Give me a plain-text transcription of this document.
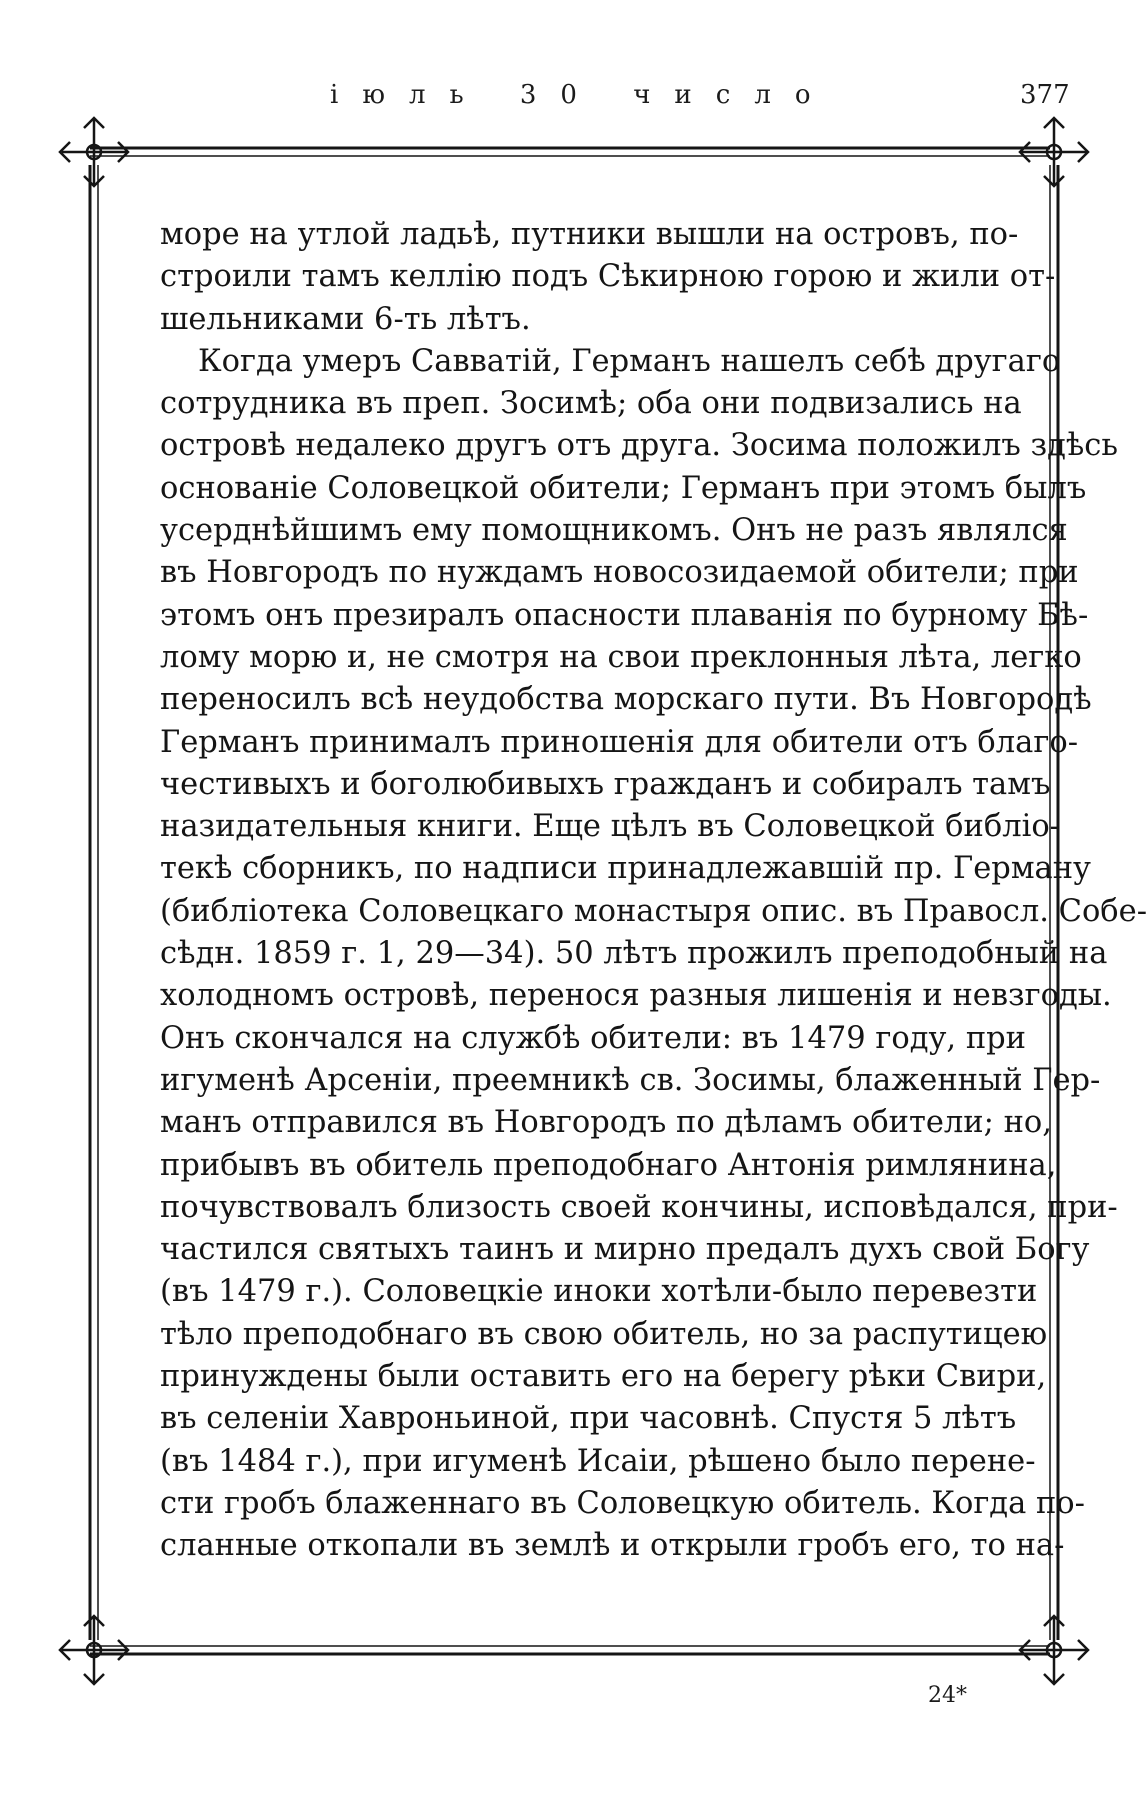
іюль 30 число	377
море на утлой ладьѣ, путники вышли на островъ, по-
строили тамъ келлію подъ Сѣкирною горою и жили от-
шельниками 6-ть лѣтъ.
Когда умеръ Савватій, Германъ нашелъ себѣ другаго
сотрудника въ преп. Зосимѣ; оба они подвизались на
островѣ недалеко другъ отъ друга. Зосима положилъ здѣсь
основаніе Соловецкой обители; Германъ при этомъ былъ
усерднѣйшимъ ему помощникомъ. Онъ не разъ являлся
въ Новгородъ по нуждамъ новосозидаемой обители; при
этомъ онъ презиралъ опасности плаванія по бурному Бѣ-
лому морю и, не смотря на свои преклонныя лѣта, легко
переносилъ всѣ неудобства морскаго пути. Въ Новгородѣ
Германъ принималъ приношенія для обители отъ благо-
честивыхъ и боголюбивыхъ гражданъ и собиралъ тамъ
назидательныя книги. Еще цѣлъ въ Соловецкой библіо-
текѣ сборникъ, по надписи принадлежавшій пр. Герману
(библіотека Соловецкаго монастыря опис. въ Правосл. Собе-
сѣдн. 1859 г. 1, 29—34). 50 лѣтъ прожилъ преподобный на
холодномъ островѣ, перенося разныя лишенія и невзгоды.
Онъ скончался на службѣ обители: въ 1479 году, при
игуменѣ Арсеніи, преемникѣ св. Зосимы, блаженный Гер-
манъ отправился въ Новгородъ по дѣламъ обители; но,
прибывъ въ обитель преподобнаго Антонія римлянина,
почувствовалъ близость своей кончины, исповѣдался, при-
частился святыхъ таинъ и мирно предалъ духъ свой Богу
(въ 1479 г.). Соловецкіе иноки хотѣли-было перевезти
тѣло преподобнаго въ свою обитель, но за распутицею
принуждены были оставить его на берегу рѣки Свири,
въ селеніи Хавроньиной, при часовнѣ. Спустя 5 лѣтъ
(въ 1484 г.), при игуменѣ Исаіи, рѣшено было перене-
сти гробъ блаженнаго въ Соловецкую обитель. Когда по-
сланные откопали въ землѣ и открыли гробъ его, то на-
24*
